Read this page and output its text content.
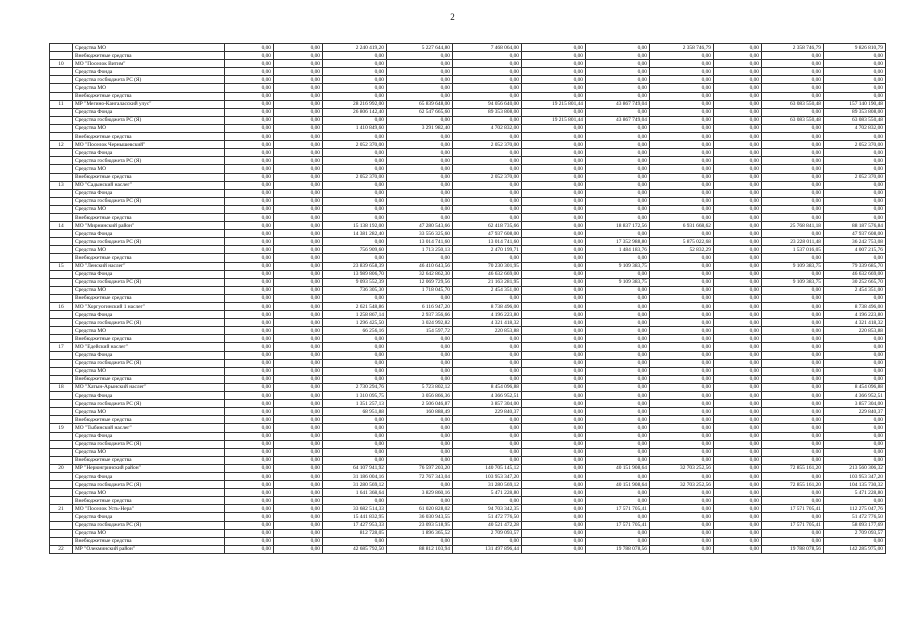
2
	Средства МО	0,00	0,00	2 240 419,20	5 227 644,80	7 468 064,00	0,00	0,00	2 358 746,79	0,00	2 358 746,79	9 826 810,79
	Внебюджетные средства	0,00	0,00	0,00	0,00	0,00	0,00	0,00	0,00	0,00	0,00	0,00
10	МО "Поселок Витим"	0,00	0,00	0,00	0,00	0,00	0,00	0,00	0,00	0,00	0,00	0,00
	Средства Фонда	0,00	0,00	0,00	0,00	0,00	0,00	0,00	0,00	0,00	0,00	0,00
	Средства госбюджета РС (Я)	0,00	0,00	0,00	0,00	0,00	0,00	0,00	0,00	0,00	0,00	0,00
	Средства МО	0,00	0,00	0,00	0,00	0,00	0,00	0,00	0,00	0,00	0,00	0,00
	Внебюджетные средства	0,00	0,00	0,00	0,00	0,00	0,00	0,00	0,00	0,00	0,00	0,00
11	МР "Мегино-Кангаласский улус"	0,00	0,00	28 216 992,00	65 839 648,00	94 056 640,00	19 215 801,44	43 867 749,04	0,00	0,00	63 083 550,48	157 140 190,48
	Средства Фонда	0,00	0,00	26 806 142,40	62 547 665,60	89 353 808,00	0,00	0,00	0,00	0,00	0,00	89 353 808,00
	Средства госбюджета РС (Я)	0,00	0,00	0,00	0,00	0,00	19 215 801,44	43 867 749,04	0,00	0,00	63 083 550,48	63 083 550,48
	Средства МО	0,00	0,00	1 410 849,60	3 291 982,40	4 702 832,00	0,00	0,00	0,00	0,00	0,00	4 702 832,00
	Внебюджетные средства	0,00	0,00	0,00	0,00	0,00	0,00	0,00	0,00	0,00	0,00	0,00
12	МО "Поселок Чернышевский"	0,00	0,00	2 052 370,00	0,00	2 052 370,00	0,00	0,00	0,00	0,00	0,00	2 052 370,00
	Средства Фонда	0,00	0,00	0,00	0,00	0,00	0,00	0,00	0,00	0,00	0,00	0,00
	Средства госбюджета РС (Я)	0,00	0,00	0,00	0,00	0,00	0,00	0,00	0,00	0,00	0,00	0,00
	Средства МО	0,00	0,00	0,00	0,00	0,00	0,00	0,00	0,00	0,00	0,00	0,00
	Внебюджетные средства	0,00	0,00	2 052 370,00	0,00	2 052 370,00	0,00	0,00	0,00	0,00	0,00	2 052 370,00
13	МО "Садынский наслег"	0,00	0,00	0,00	0,00	0,00	0,00	0,00	0,00	0,00	0,00	0,00
	Средства Фонда	0,00	0,00	0,00	0,00	0,00	0,00	0,00	0,00	0,00	0,00	0,00
	Средства госбюджета РС (Я)	0,00	0,00	0,00	0,00	0,00	0,00	0,00	0,00	0,00	0,00	0,00
	Средства МО	0,00	0,00	0,00	0,00	0,00	0,00	0,00	0,00	0,00	0,00	0,00
	Внебюджетные средства	0,00	0,00	0,00	0,00	0,00	0,00	0,00	0,00	0,00	0,00	0,00
14	МО "Мирнинский район"	0,00	0,00	15 138 192,00	47 280 543,66	62 418 735,66	0,00	18 837 172,56	6 931 668,62	0,00	25 768 841,18	88 187 576,84
	Средства Фонда	0,00	0,00	14 381 282,40	33 556 325,60	47 937 608,00	0,00	0,00	0,00	0,00	0,00	47 937 608,00
	Средства госбюджета РС (Я)	0,00	0,00	0,00	13 014 741,60	13 014 741,60	0,00	17 352 988,80	5 875 022,68	0,00	23 228 011,48	36 242 753,08
	Средства МО	0,00	0,00	756 909,60	1 713 250,13	2 470 199,71	0,00	1 484 183,76	52 832,29	0,00	1 537 016,05	4 007 215,76
	Внебюджетные средства	0,00	0,00	0,00	0,00	0,00	0,00	0,00	0,00	0,00	0,00	0,00
15	МО "Ленский наслег"	0,00	0,00	23 839 658,39	46 410 643,56	70 230 301,95	0,00	9 109 383,75	0,00	0,00	9 109 383,75	79 339 685,70
	Средства Фонда	0,00	0,00	13 989 806,70	32 642 862,30	46 632 669,00	0,00	0,00	0,00	0,00	0,00	46 632 669,00
	Средства госбюджета РС (Я)	0,00	0,00	9 093 552,39	12 069 729,56	21 163 281,95	0,00	9 109 383,75	0,00	0,00	9 109 383,75	30 252 665,70
	Средства МО	0,00	0,00	736 305,30	1 718 045,70	2 454 351,00	0,00	0,00	0,00	0,00	0,00	2 454 351,00
	Внебюджетные средства	0,00	0,00	0,00	0,00	0,00	0,00	0,00	0,00	0,00	0,00	0,00
16	МО "Хоргуогинский 1 наслег"	0,00	0,00	2 621 548,86	6 116 947,20	8 738 496,00	0,00	0,00	0,00	0,00	0,00	8 738 496,00
	Средства Фонда	0,00	0,00	1 258 867,14	2 937 356,66	4 196 223,80	0,00	0,00	0,00	0,00	0,00	4 196 223,80
	Средства госбюджета РС (Я)	0,00	0,00	1 296 425,50	3 024 992,82	4 321 418,32	0,00	0,00	0,00	0,00	0,00	4 321 418,32
	Средства МО	0,00	0,00	66 256,16	154 597,72	220 853,88	0,00	0,00	0,00	0,00	0,00	220 853,88
	Внебюджетные средства	0,00	0,00	0,00	0,00	0,00	0,00	0,00	0,00	0,00	0,00	0,00
17	МО "Едейский наслег"	0,00	0,00	0,00	0,00	0,00	0,00	0,00	0,00	0,00	0,00	0,00
	Средства Фонда	0,00	0,00	0,00	0,00	0,00	0,00	0,00	0,00	0,00	0,00	0,00
	Средства госбюджета РС (Я)	0,00	0,00	0,00	0,00	0,00	0,00	0,00	0,00	0,00	0,00	0,00
	Средства МО	0,00	0,00	0,00	0,00	0,00	0,00	0,00	0,00	0,00	0,00	0,00
	Внебюджетные средства	0,00	0,00	0,00	0,00	0,00	0,00	0,00	0,00	0,00	0,00	0,00
18	МО "Хатын-Арынский наслег"	0,00	0,00	2 730 294,76	5 723 802,12	8 454 096,88	0,00	0,00	0,00	0,00	0,00	8 454 096,88
	Средства Фонда	0,00	0,00	1 310 095,75	3 056 866,36	4 366 952,51	0,00	0,00	0,00	0,00	0,00	4 366 952,51
	Средства госбюджета РС (Я)	0,00	0,00	1 351 257,13	2 506 046,87	3 857 304,00	0,00	0,00	0,00	0,00	0,00	3 857 304,00
	Средства МО	0,00	0,00	68 951,88	160 888,49	229 840,37	0,00	0,00	0,00	0,00	0,00	229 840,37
	Внебюджетные средства	0,00	0,00	0,00	0,00	0,00	0,00	0,00	0,00	0,00	0,00	0,00
19	МО "Тыбинский наслег"	0,00	0,00	0,00	0,00	0,00	0,00	0,00	0,00	0,00	0,00	0,00
	Средства Фонда	0,00	0,00	0,00	0,00	0,00	0,00	0,00	0,00	0,00	0,00	0,00
	Средства госбюджета РС (Я)	0,00	0,00	0,00	0,00	0,00	0,00	0,00	0,00	0,00	0,00	0,00
	Средства МО	0,00	0,00	0,00	0,00	0,00	0,00	0,00	0,00	0,00	0,00	0,00
	Внебюджетные средства	0,00	0,00	0,00	0,00	0,00	0,00	0,00	0,00	0,00	0,00	0,00
20	МР "Нерюнгринский район"	0,00	0,00	64 107 941,92	76 597 203,20	140 705 145,12	0,00	40 151 908,64	32 703 252,56	0,00	72 855 161,20	213 560 306,32
	Средства Фонда	0,00	0,00	31 186 004,16	72 767 343,04	103 953 347,20	0,00	0,00	0,00	0,00	0,00	103 953 347,20
	Средства госбюджета РС (Я)	0,00	0,00	31 280 569,12	0,00	31 280 569,12	0,00	40 151 908,64	32 703 252,56	0,00	72 855 161,20	104 135 730,32
	Средства МО	0,00	0,00	1 641 368,64	3 829 860,16	5 471 228,80	0,00	0,00	0,00	0,00	0,00	5 471 228,80
	Внебюджетные средства	0,00	0,00	0,00	0,00	0,00	0,00	0,00	0,00	0,00	0,00	0,00
21	МО "Поселок Усть-Нера"	0,00	0,00	33 682 514,33	61 020 828,02	94 703 342,35	0,00	17 571 705,41	0,00	0,00	17 571 705,41	112 275 047,76
	Средства Фонда	0,00	0,00	15 441 832,95	36 030 943,55	51 472 776,50	0,00	0,00	0,00	0,00	0,00	51 472 776,50
	Средства госбюджета РС (Я)	0,00	0,00	17 427 953,33	23 093 518,95	40 521 472,28	0,00	17 571 705,41	0,00	0,00	17 571 705,41	58 093 177,69
	Средства МО	0,00	0,00	812 728,05	1 896 365,52	2 709 093,57	0,00	0,00	0,00	0,00	0,00	2 709 093,57
	Внебюджетные средства	0,00	0,00	0,00	0,00	0,00	0,00	0,00	0,00	0,00	0,00	0,00
22	МР "Олекминский район"	0,00	0,00	42 685 792,50	88 812 103,94	131 497 896,44	0,00	19 788 078,56	0,00	0,00	19 788 078,56	142 285 975,00
